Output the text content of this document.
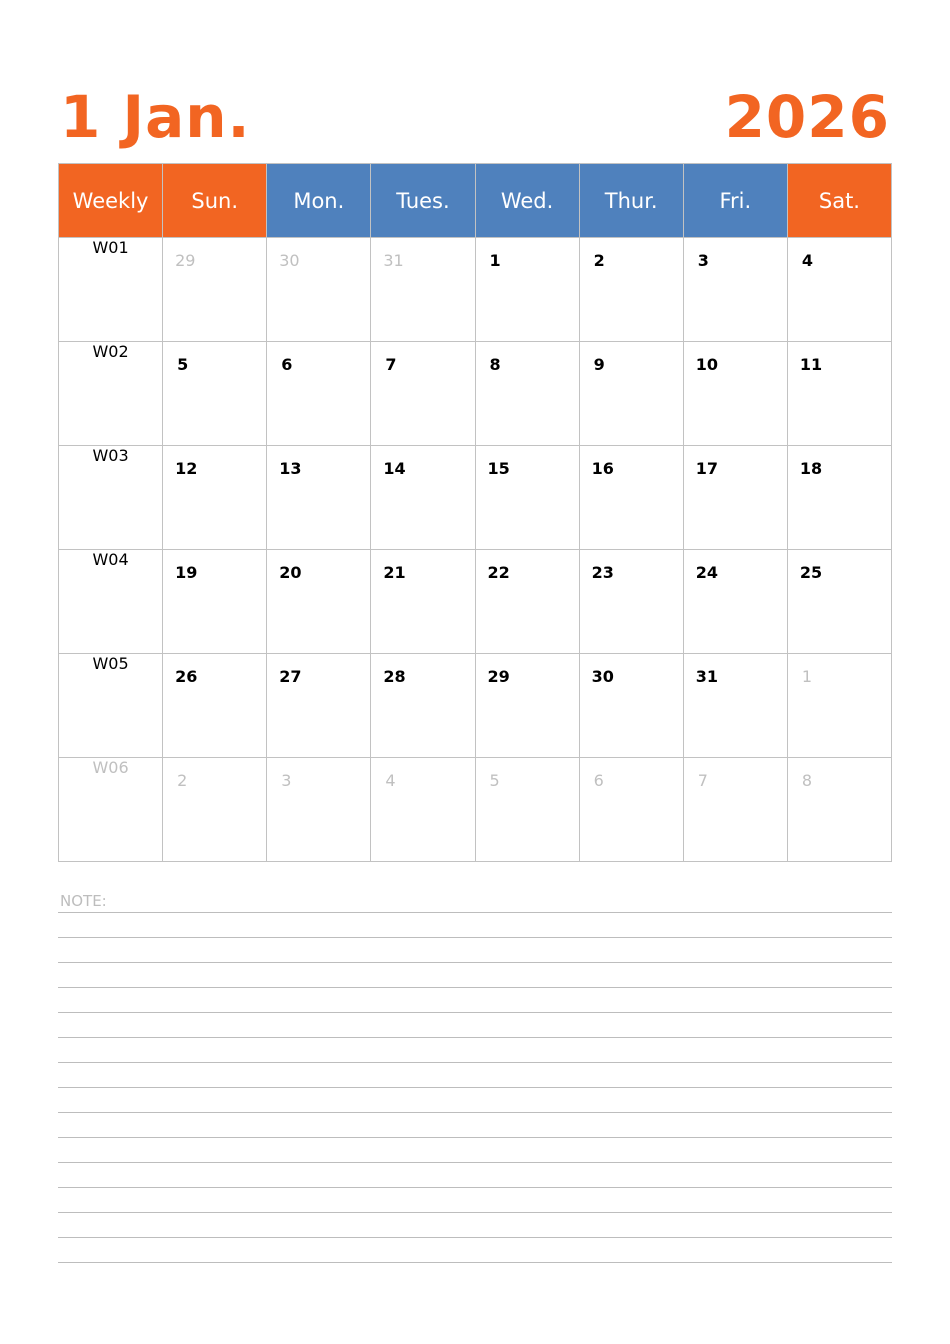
1 Jan.	2026
Weekly	Sun.	Mon.	Tues.	Wed.	Thur.	Fri.	Sat.
W01	29	30	31	1	2	3	4

W02	5	6	7	8	9	10	11

W03	12	13	14	15	16	17	18

W04	19	20	21	22	23	24	25

W05	26	27	28	29	30	31	1

W06	2	3	4	5	6	7	8
NOTE:
